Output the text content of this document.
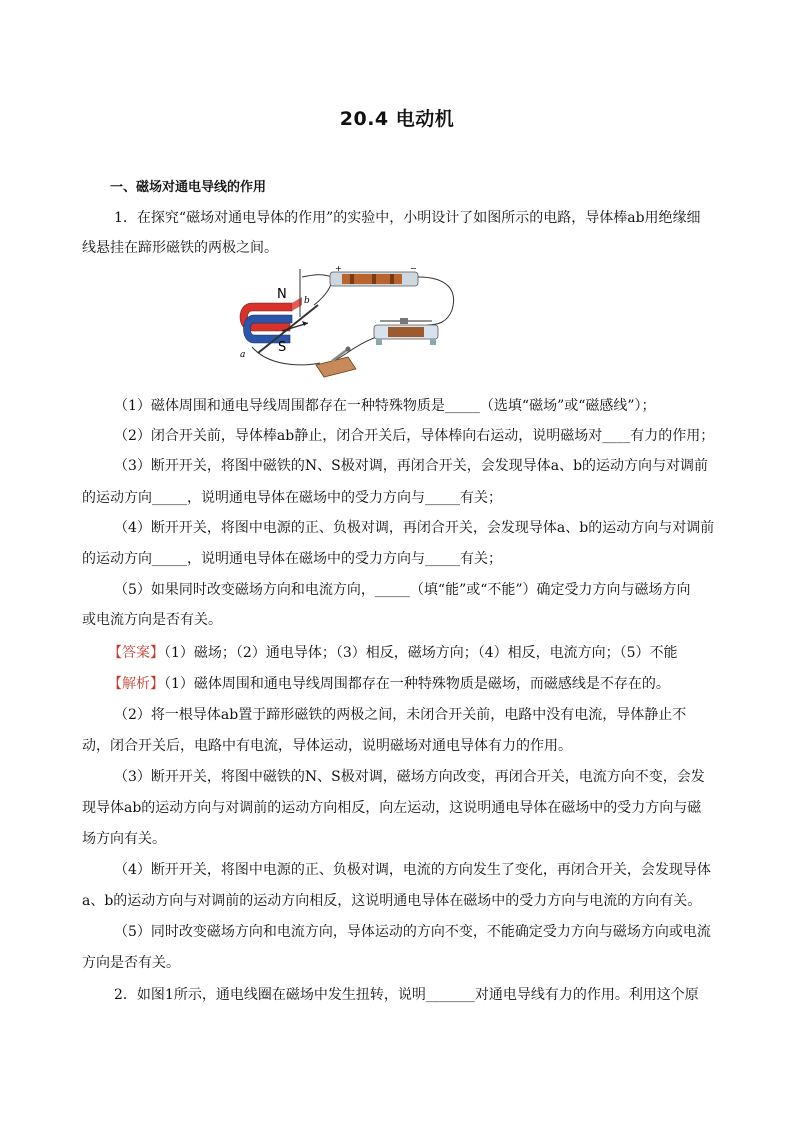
20.4 电动机
一、磁场对通电导线的作用
1．在探究“磁场对通电导体的作用”的实验中，小明设计了如图所示的电路，导体棒ab用绝缘细
线悬挂在蹄形磁铁的两极之间。
+	−
N
S
a
b
（1）磁体周围和通电导线周围都存在一种特殊物质是_____（选填“磁场”或“磁感线”）；
（2）闭合开关前，导体棒ab静止，闭合开关后，导体棒向右运动，说明磁场对____有力的作用；
（3）断开开关，将图中磁铁的N、S极对调，再闭合开关，会发现导体a、b的运动方向与对调前
的运动方向_____，说明通电导体在磁场中的受力方向与_____有关；
（4）断开开关，将图中电源的正、负极对调，再闭合开关，会发现导体a、b的运动方向与对调前
的运动方向_____，说明通电导体在磁场中的受力方向与_____有关；
（5）如果同时改变磁场方向和电流方向，_____（填“能”或“不能”）确定受力方向与磁场方向
或电流方向是否有关。
【答案】（1）磁场；（2）通电导体；（3）相反，磁场方向；（4）相反，电流方向；（5）不能
【解析】（1）磁体周围和通电导线周围都存在一种特殊物质是磁场，而磁感线是不存在的。
（2）将一根导体ab置于蹄形磁铁的两极之间，未闭合开关前，电路中没有电流，导体静止不
动，闭合开关后，电路中有电流，导体运动，说明磁场对通电导体有力的作用。
（3）断开开关，将图中磁铁的N、S极对调，磁场方向改变，再闭合开关，电流方向不变，会发
现导体ab的运动方向与对调前的运动方向相反，向左运动，这说明通电导体在磁场中的受力方向与磁
场方向有关。
（4）断开开关，将图中电源的正、负极对调，电流的方向发生了变化，再闭合开关，会发现导体
a、b的运动方向与对调前的运动方向相反，这说明通电导体在磁场中的受力方向与电流的方向有关。
（5）同时改变磁场方向和电流方向，导体运动的方向不变，不能确定受力方向与磁场方向或电流
方向是否有关。
2．如图1所示，通电线圈在磁场中发生扭转，说明_______对通电导线有力的作用。利用这个原
